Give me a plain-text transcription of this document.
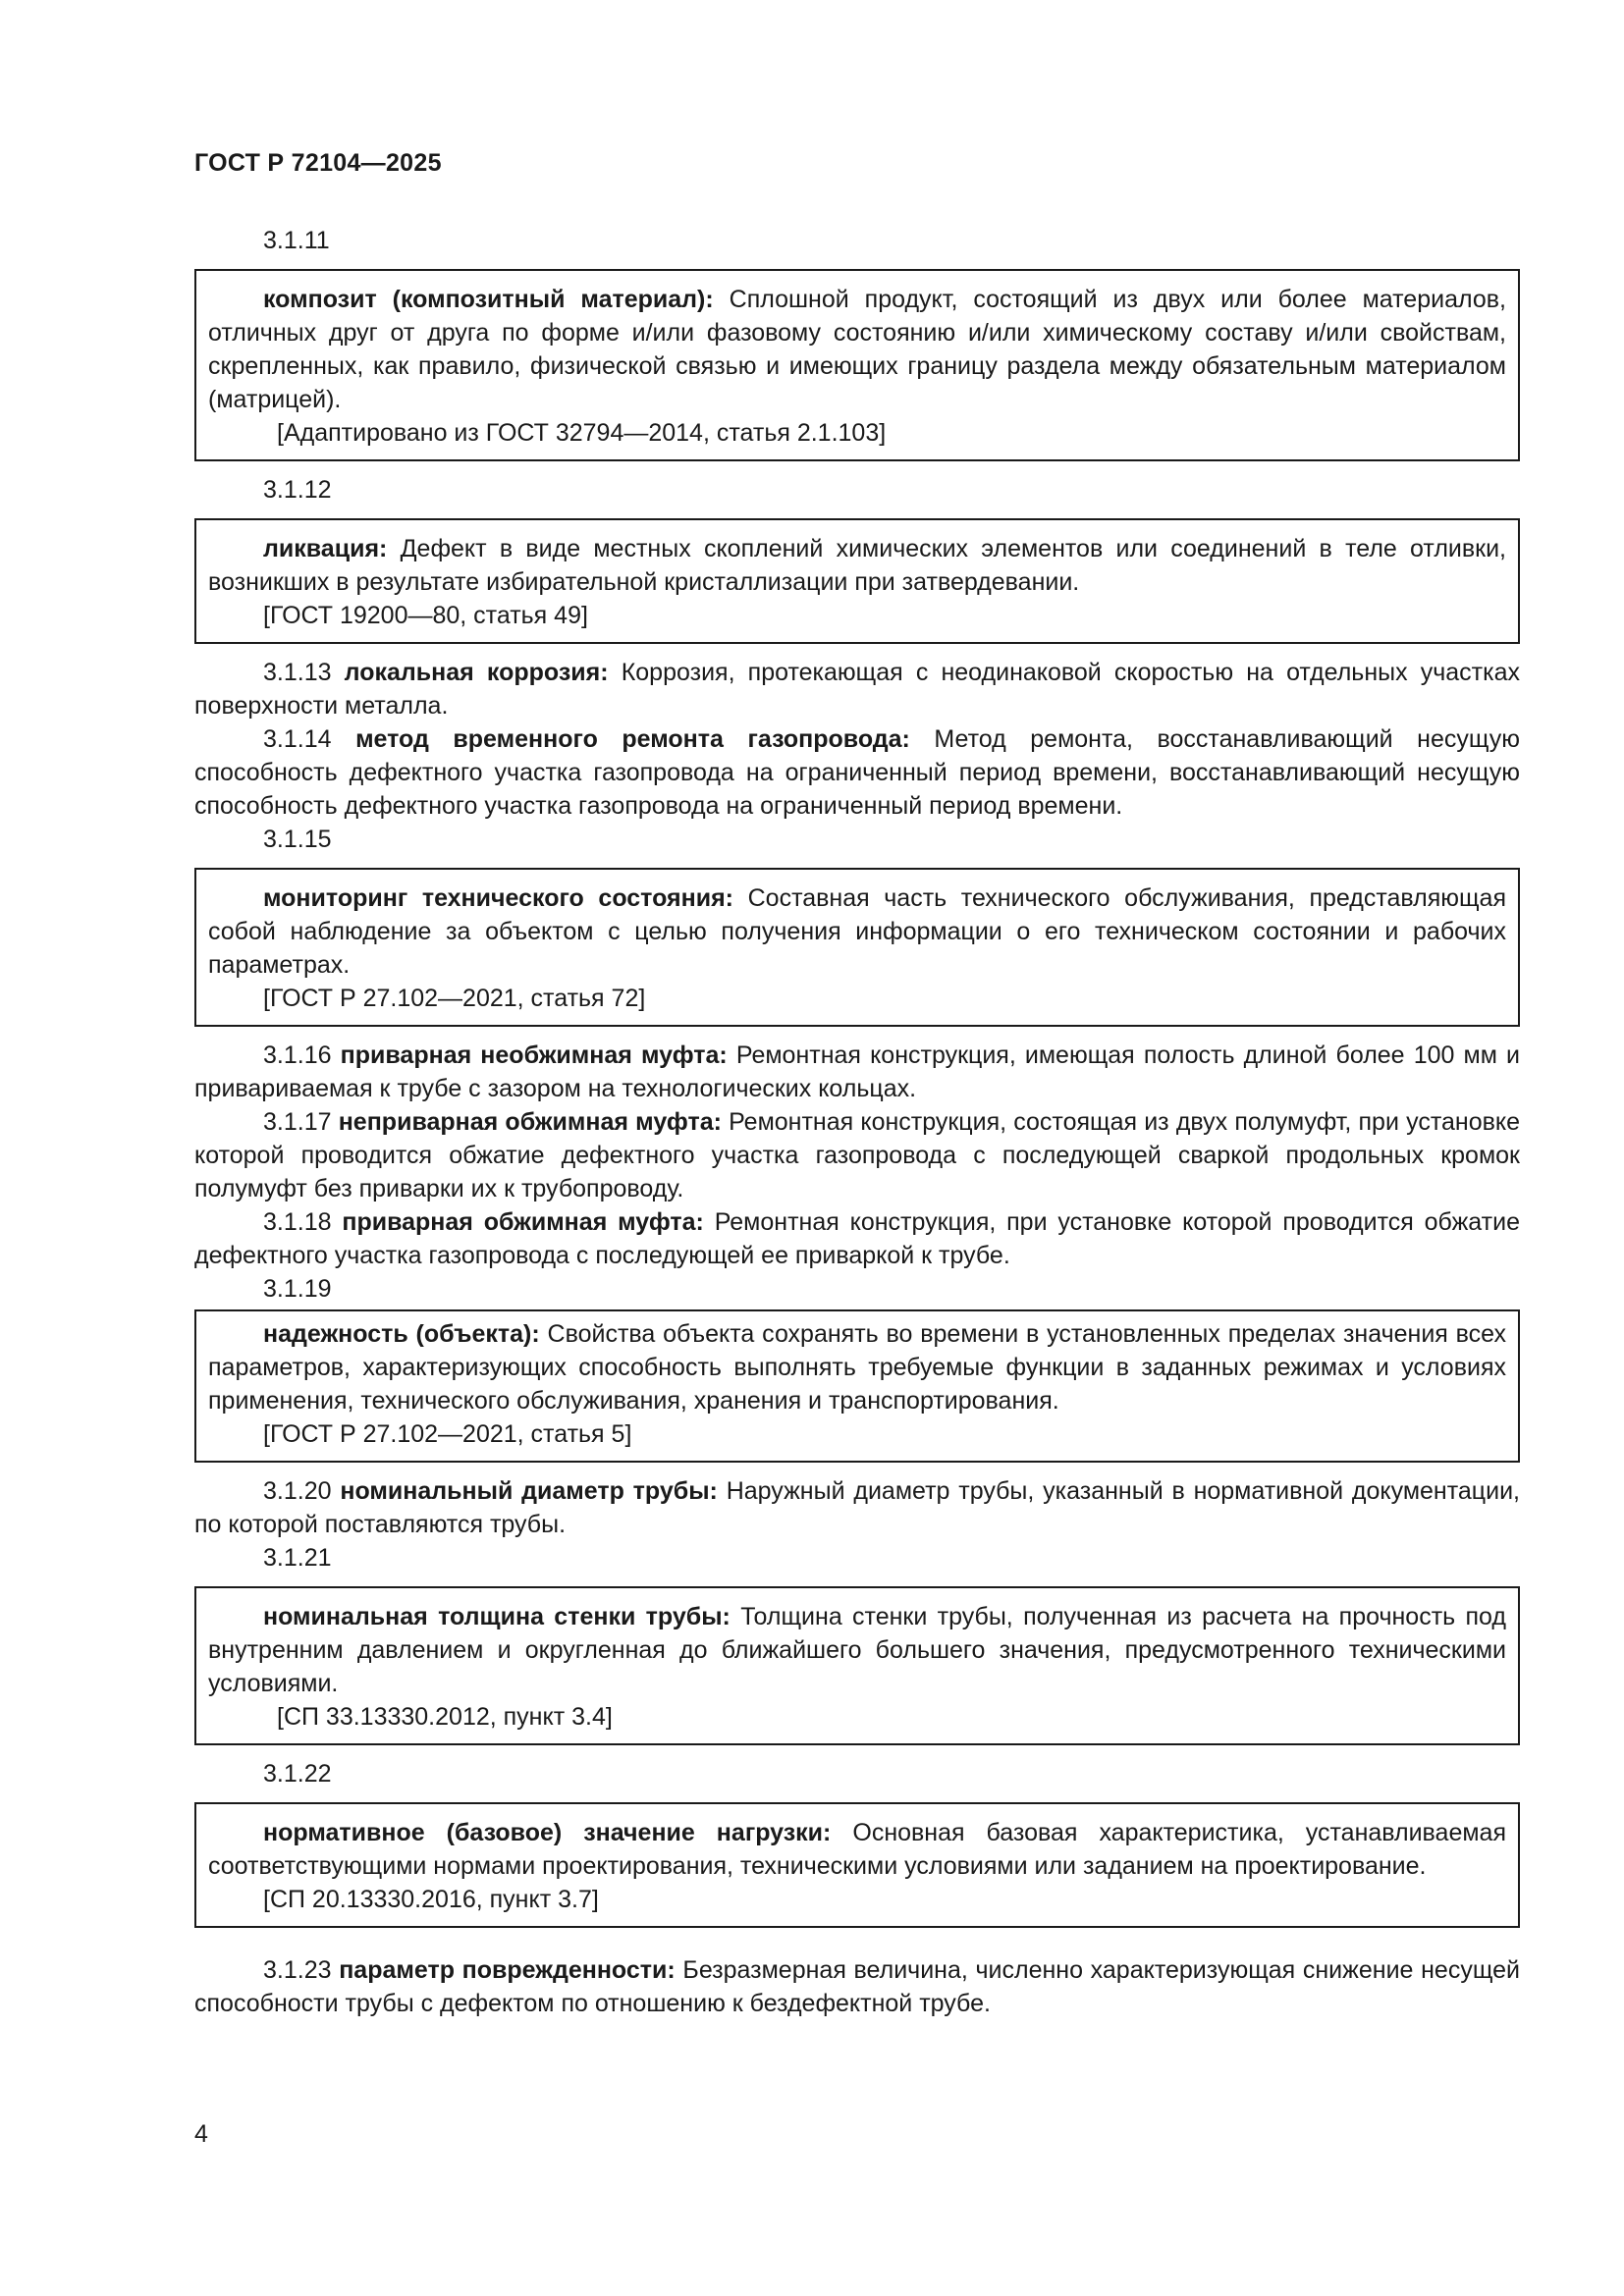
ГОСТ Р 72104—2025
3.1.11

композит (композитный материал): Сплошной продукт, состоящий из двух или более материалов, отличных друг от друга по форме и/или фазовому состоянию и/или химическому составу и/или свойствам, скрепленных, как правило, физической связью и имеющих границу раздела между обязательным материалом (матрицей).

[Адаптировано из ГОСТ 32794—2014, статья 2.1.103]

3.1.12

ликвация: Дефект в виде местных скоплений химических элементов или соединений в теле отливки, возникших в результате избирательной кристаллизации при затвердевании.

[ГОСТ 19200—80, статья 49]

3.1.13 локальная коррозия: Коррозия, протекающая с неодинаковой скоростью на отдельных участках поверхности металла.

3.1.14 метод временного ремонта газопровода: Метод ремонта, восстанавливающий несущую способность дефектного участка газопровода на ограниченный период времени, восстанавливающий несущую способность дефектного участка газопровода на ограниченный период времени.

3.1.15

мониторинг технического состояния: Составная часть технического обслуживания, представляющая собой наблюдение за объектом с целью получения информации о его техническом состоянии и рабочих параметрах.

[ГОСТ Р 27.102—2021, статья 72]

3.1.16 приварная необжимная муфта: Ремонтная конструкция, имеющая полость длиной более 100 мм и привариваемая к трубе с зазором на технологических кольцах.

3.1.17 неприварная обжимная муфта: Ремонтная конструкция, состоящая из двух полумуфт, при установке которой проводится обжатие дефектного участка газопровода с последующей сваркой продольных кромок полумуфт без приварки их к трубопроводу.

3.1.18 приварная обжимная муфта: Ремонтная конструкция, при установке которой проводится обжатие дефектного участка газопровода с последующей ее приваркой к трубе.

3.1.19

надежность (объекта): Свойства объекта сохранять во времени в установленных пределах значения всех параметров, характеризующих способность выполнять требуемые функции в заданных режимах и условиях применения, технического обслуживания, хранения и транспортирования.

[ГОСТ Р 27.102—2021, статья 5]

3.1.20 номинальный диаметр трубы: Наружный диаметр трубы, указанный в нормативной документации, по которой поставляются трубы.

3.1.21

номинальная толщина стенки трубы: Толщина стенки трубы, полученная из расчета на прочность под внутренним давлением и округленная до ближайшего большего значения, предусмотренного техническими условиями.

[СП 33.13330.2012, пункт 3.4]

3.1.22

нормативное (базовое) значение нагрузки: Основная базовая характеристика, устанавливаемая соответствующими нормами проектирования, техническими условиями или заданием на проектирование.

[СП 20.13330.2016, пункт 3.7]

3.1.23 параметр поврежденности: Безразмерная величина, численно характеризующая снижение несущей способности трубы с дефектом по отношению к бездефектной трубе.

4
